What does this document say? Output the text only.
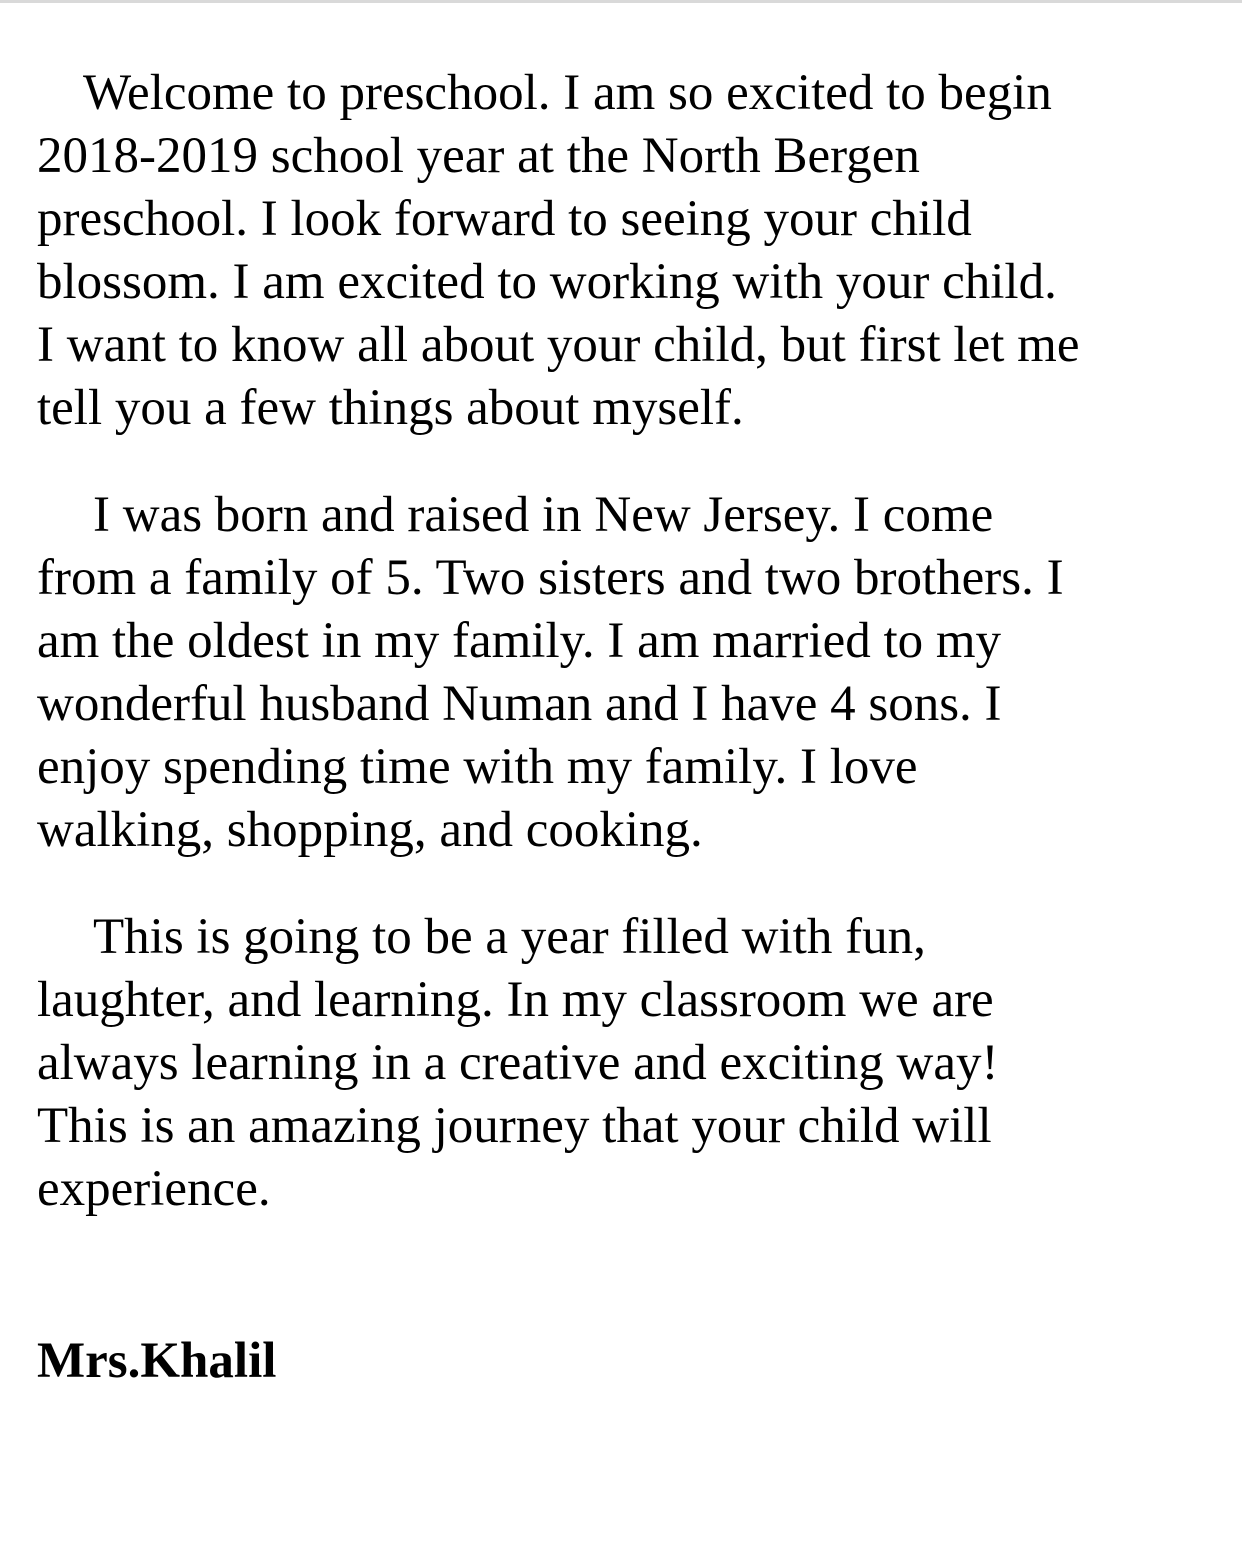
Welcome to preschool. I am so excited to begin
2018-2019 school year at the North Bergen
preschool. I look forward to seeing your child
blossom. I am excited to working with your child.
I want to know all about your child, but first let me
tell you a few things about myself.

I was born and raised in New Jersey. I come
from a family of 5. Two sisters and two brothers. I
am the oldest in my family. I am married to my
wonderful husband Numan and I have 4 sons. I
enjoy spending time with my family. I love
walking, shopping, and cooking.

This is going to be a year filled with fun,
laughter, and learning. In my classroom we are
always learning in a creative and exciting way!
This is an amazing journey that your child will
experience.

Mrs.Khalil
